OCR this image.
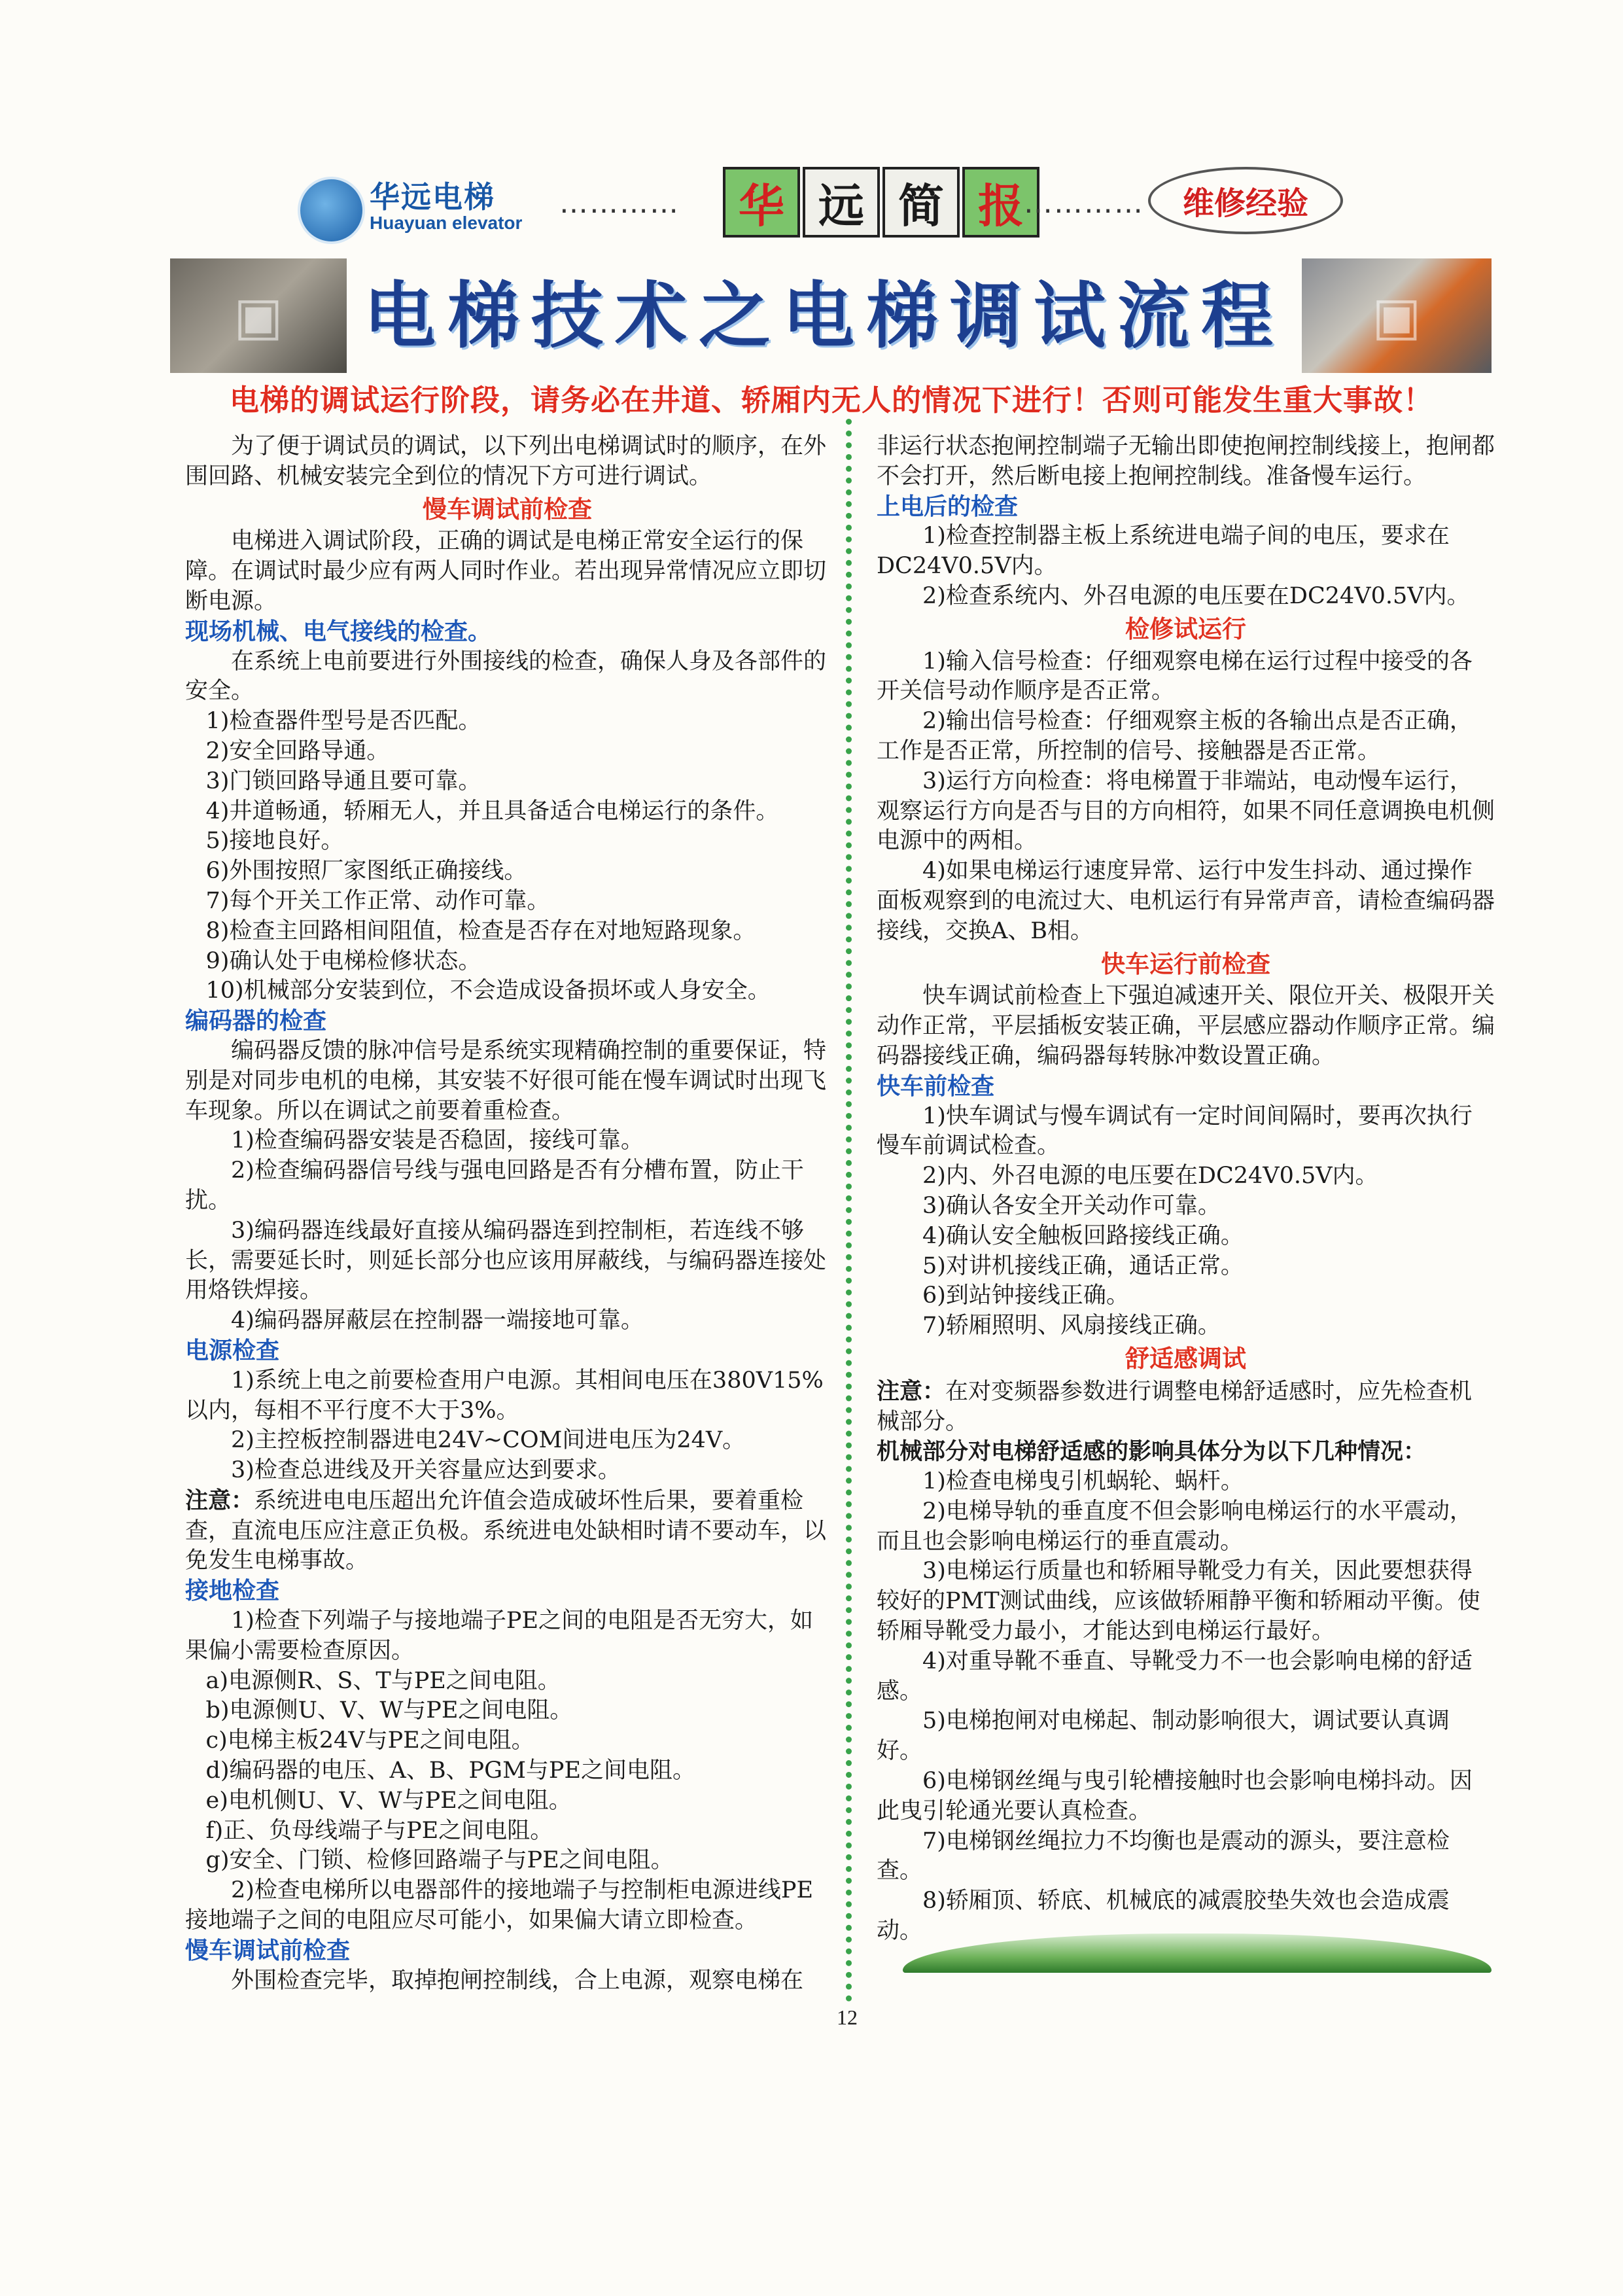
华远电梯
Huayuan elevator
…………	华 远 简 报 …………	维修经验
▣ 电梯技术之电梯调试流程	▣
电梯的调试运行阶段，请务必在井道、轿厢内无人的情况下进行！否则可能发生重大事故！

为了便于调试员的调试，以下列出电梯调试时的顺序，在外围回路、机械安装完全到位的情况下方可进行调试。

慢车调试前检查

电梯进入调试阶段，正确的调试是电梯正常安全运行的保障。在调试时最少应有两人同时作业。若出现异常情况应立即切断电源。

现场机械、电气接线的检查。

在系统上电前要进行外围接线的检查，确保人身及各部件的安全。

1)检查器件型号是否匹配。

2)安全回路导通。

3)门锁回路导通且要可靠。

4)井道畅通，轿厢无人，并且具备适合电梯运行的条件。

5)接地良好。

6)外围按照厂家图纸正确接线。

7)每个开关工作正常、动作可靠。

8)检查主回路相间阻值，检查是否存在对地短路现象。

9)确认处于电梯检修状态。

10)机械部分安装到位，不会造成设备损坏或人身安全。

编码器的检查

编码器反馈的脉冲信号是系统实现精确控制的重要保证，特别是对同步电机的电梯，其安装不好很可能在慢车调试时出现飞车现象。所以在调试之前要着重检查。

1)检查编码器安装是否稳固，接线可靠。

2)检查编码器信号线与强电回路是否有分槽布置，防止干扰。

3)编码器连线最好直接从编码器连到控制柜，若连线不够长，需要延长时，则延长部分也应该用屏蔽线，与编码器连接处用烙铁焊接。

4)编码器屏蔽层在控制器一端接地可靠。

电源检查

1)系统上电之前要检查用户电源。其相间电压在380V15%以内，每相不平行度不大于3%。

2)主控板控制器进电24V~COM间进电压为24V。

3)检查总进线及开关容量应达到要求。

注意：系统进电电压超出允许值会造成破坏性后果，要着重检查，直流电压应注意正负极。系统进电处缺相时请不要动车，以免发生电梯事故。

接地检查

1)检查下列端子与接地端子PE之间的电阻是否无穷大，如果偏小需要检查原因。

a)电源侧R、S、T与PE之间电阻。

b)电源侧U、V、W与PE之间电阻。

c)电梯主板24V与PE之间电阻。

d)编码器的电压、A、B、PGM与PE之间电阻。

e)电机侧U、V、W与PE之间电阻。

f)正、负母线端子与PE之间电阻。

g)安全、门锁、检修回路端子与PE之间电阻。

2)检查电梯所以电器部件的接地端子与控制柜电源进线PE接地端子之间的电阻应尽可能小，如果偏大请立即检查。

慢车调试前检查

外围检查完毕，取掉抱闸控制线，合上电源，观察电梯在

非运行状态抱闸控制端子无输出即使抱闸控制线接上，抱闸都不会打开，然后断电接上抱闸控制线。准备慢车运行。

上电后的检查

1)检查控制器主板上系统进电端子间的电压，要求在DC24V0.5V内。

2)检查系统内、外召电源的电压要在DC24V0.5V内。

检修试运行

1)输入信号检查：仔细观察电梯在运行过程中接受的各开关信号动作顺序是否正常。

2)输出信号检查：仔细观察主板的各输出点是否正确，工作是否正常，所控制的信号、接触器是否正常。

3)运行方向检查：将电梯置于非端站，电动慢车运行，观察运行方向是否与目的方向相符，如果不同任意调换电机侧电源中的两相。

4)如果电梯运行速度异常、运行中发生抖动、通过操作面板观察到的电流过大、电机运行有异常声音，请检查编码器接线，交换A、B相。

快车运行前检查

快车调试前检查上下强迫减速开关、限位开关、极限开关动作正常，平层插板安装正确，平层感应器动作顺序正常。编码器接线正确，编码器每转脉冲数设置正确。

快车前检查

1)快车调试与慢车调试有一定时间间隔时，要再次执行慢车前调试检查。

2)内、外召电源的电压要在DC24V0.5V内。

3)确认各安全开关动作可靠。

4)确认安全触板回路接线正确。

5)对讲机接线正确，通话正常。

6)到站钟接线正确。

7)轿厢照明、风扇接线正确。

舒适感调试

注意：在对变频器参数进行调整电梯舒适感时，应先检查机械部分。

机械部分对电梯舒适感的影响具体分为以下几种情况：

1)检查电梯曳引机蜗轮、蜗杆。

2)电梯导轨的垂直度不但会影响电梯运行的水平震动，而且也会影响电梯运行的垂直震动。

3)电梯运行质量也和轿厢导靴受力有关，因此要想获得较好的PMT测试曲线，应该做轿厢静平衡和轿厢动平衡。使轿厢导靴受力最小，才能达到电梯运行最好。

4)对重导靴不垂直、导靴受力不一也会影响电梯的舒适感。

5)电梯抱闸对电梯起、制动影响很大，调试要认真调好。

6)电梯钢丝绳与曳引轮槽接触时也会影响电梯抖动。因此曳引轮通光要认真检查。

7)电梯钢丝绳拉力不均衡也是震动的源头，要注意检查。

8)轿厢顶、轿底、机械底的减震胶垫失效也会造成震动。

12
